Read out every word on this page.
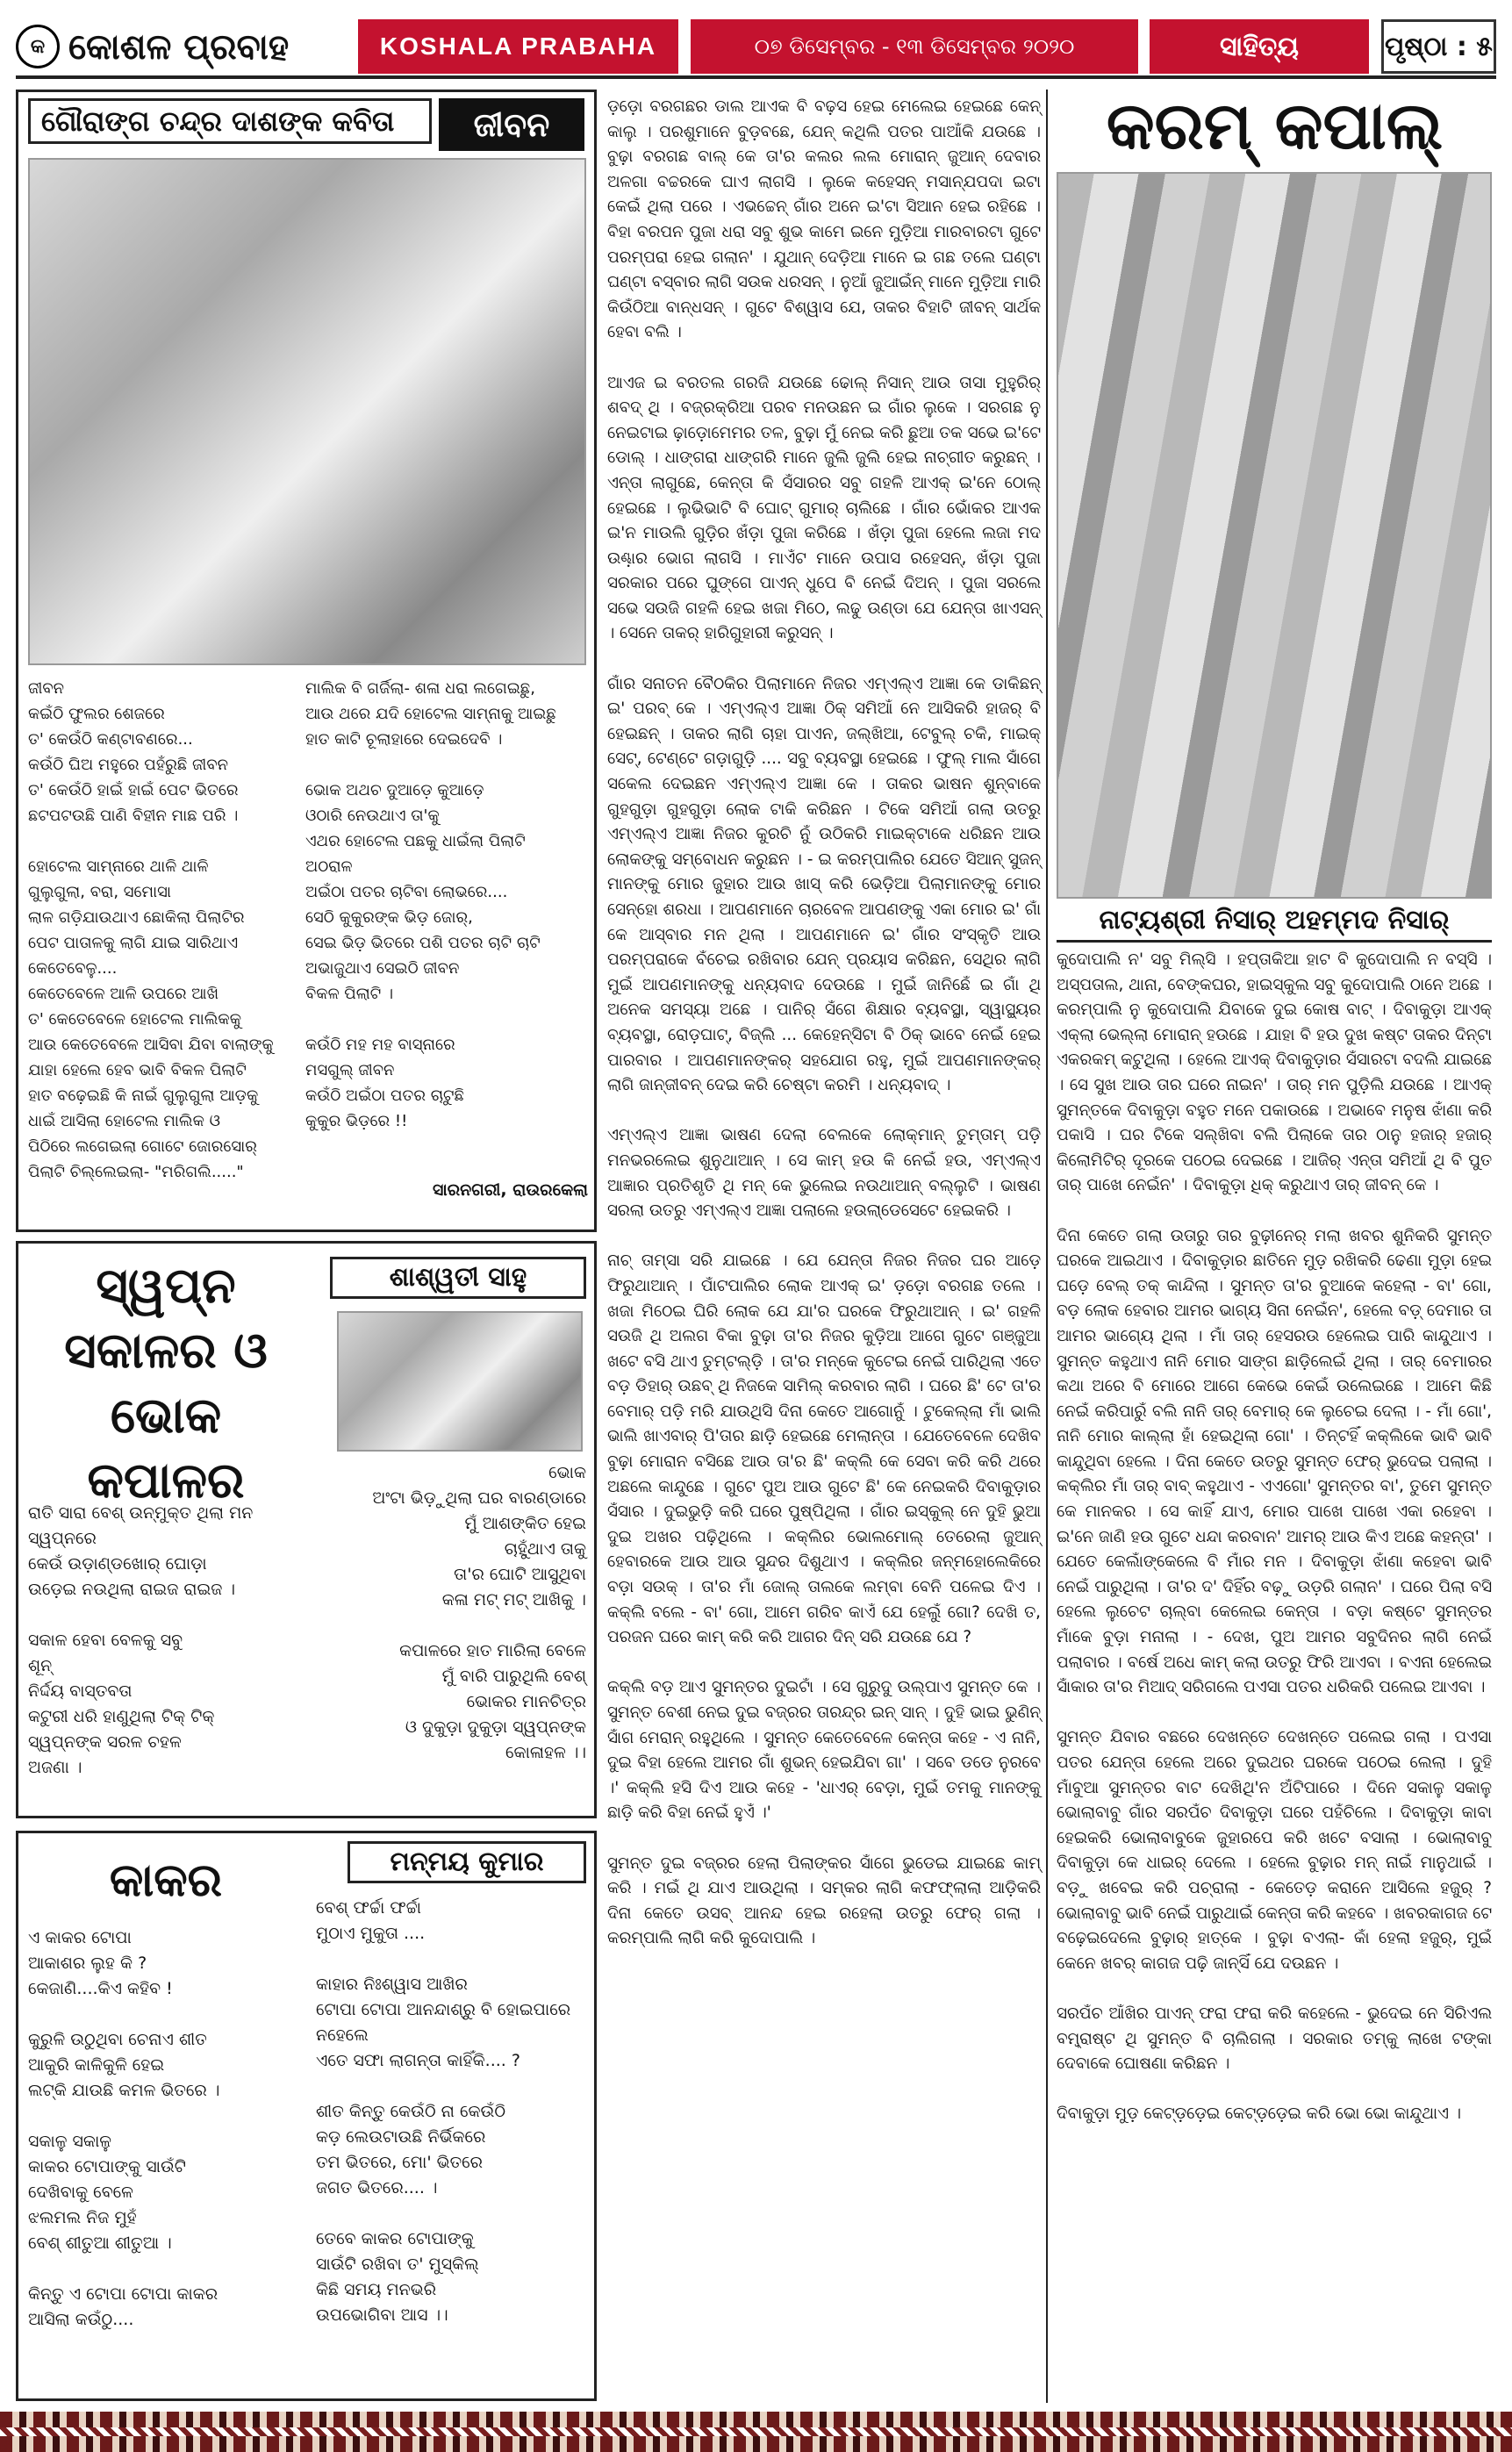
କ କୋଶଳ ପ୍ରବାହ	KOSHALA PRABAHA	୦୭ ଡିସେମ୍ବର - ୧୩ ଡିସେମ୍ବର ୨୦୨୦	ସାହିତ୍ୟ	ପୃଷ୍ଠା : ୫
ଗୌରାଙ୍ଗ ଚନ୍ଦ୍ର ଦାଶଙ୍କ କବିତା	ଜୀବନ
ଜୀବନ
କଇଁଠି ଫୁଲର ଶେଜରେ
ତ' କେଉଁଠି କଣ୍ଟାବଣରେ...
କଉଁଠି ଘିଅ ମହୁରେ ପହଁରୁଛି ଜୀବନ
ତ' କେଉଁଠି ହାଇଁ ହାଇଁ ପେଟ ଭିତରେ
ଛଟପଟଉଛି ପାଣି ବିହୀନ ମାଛ ପରି ।

ହୋଟେଲ ସାମ୍ନାରେ ଥାଳି ଥାଳି
ଗୁଲୁଗୁଲା, ବରା, ସମୋସା
ଲାଳ ଗଡ଼ିଯାଉଥାଏ ଛୋକିଲା ପିଲାଟିର
ପେଟ ପାତାଳକୁ ଲାଗି ଯାଇ ସାରିଥାଏ
କେତେବେଳୁ....
କେତେବେଳେ ଆଳି ଉପରେ ଆଖି
ତ' କେତେବେଳେ ହୋଟେଲ ମାଲିକକୁ
ଆଉ କେତେବେଳେ ଆସିବା ଯିବା ବାଲାଙ୍କୁ
ଯାହା ହେଲେ ହେବ ଭାବି ବିକଳ ପିଲାଟି
ହାତ ବଢ଼େଇଛି କି ନାଇଁ ଗୁଲୁଗୁଲା ଆଡ଼କୁ
ଧାଇଁ ଆସିଲା ହୋଟେଲ ମାଲିକ ଓ
ପିଠିରେ ଲଗେଇଲା ଗୋଟେ ଜୋରସୋର୍
ପିଲାଟି ଚିଲ୍ଲେଇଲା- "ମରିଗଲି....."
ମାଲିକ ବି ଗର୍ଜିଲା- ଶଳା ଧରା ଲଗେଇଛୁ,
ଆଉ ଥରେ ଯଦି ହୋଟେଲ ସାମ୍ନାକୁ ଆଇଛୁ
ହାତ କାଟି ଚୂଲାହାରେ ଦେଇଦେବି ।

ଭୋକ ଅଥଚ ଦୁଆଡ଼େ କୁଆଡ଼େ
ଓଠାରି ନେଉଥାଏ ତା'କୁ
ଏଥର ହୋଟେଲ ପଛକୁ ଧାଇଁଲା ପିଲାଟି
ଅଠରାଳ
ଅଇଁଠା ପତର ଚାଟିବା ଲୋଭରେ....
ସେଠି କୁକୁରଙ୍କ ଭିଡ଼ ଜୋର୍,
ସେଇ ଭିଡ଼ ଭିତରେ ପଶି ପତର ଚାଟି ଚାଟି
ଅଭାଜୁଥାଏ ସେଇଠି ଜୀବନ
ବିକଳ ପିଲାଟି ।

କଉଁଠି ମହ ମହ ବାସ୍ନାରେ
ମସଗୁଲ୍ ଜୀବନ
କଉଁଠି ଅଇଁଠା ପତର ଚାଟୁଛି
କୁକୁର ଭିଡ଼ରେ !!
ସାରନଗରୀ, ରାଉରକେଲା
ସ୍ୱପ୍ନ ସକାଳର ଓ ଭୋକ କପାଳର
ଶାଶ୍ୱତୀ ସାହୁ
ରାତି ସାରା ବେଶ୍ ଉନ୍ମୁକ୍ତ ଥିଲା ମନ
ସ୍ୱପ୍ନରେ
କେଉଁ ଉଡ଼ାଣ୍ଡଖୋର୍ ଘୋଡ଼ା
ଉଡ଼େଇ ନଉଥିଲା ରାଇଜ ରାଇଜ ।

ସକାଳ ହେବା ବେଳକୁ ସବୁ
ଶୂନ୍
ନିର୍ଦ୍ଦୟ ବାସ୍ତବତା
କଟୁରୀ ଧରି ହାଣୁଥିଲା ଟିକ୍ ଟିକ୍
ସ୍ୱପ୍ନଙ୍କ ସରଳ ଚହଳ
ଅଜଣା ।
ଭୋକ
ଅଂଟା ଭିଡ଼ୁଥିଲା ଘର ବାରଣ୍ଡାରେ
ମୁଁ ଆଶଙ୍କିତ ହେଇ
ଚାହୁଁଥାଏ ତାକୁ
ତା'ର ଘୋଟି ଆସୁଥିବା
କଳା ମଟ୍ ମଟ୍ ଆଖିକୁ ।

କପାଳରେ ହାତ ମାରିଲା ବେଳେ
ମୁଁ ବାରି ପାରୁଥିଲି ବେଶ୍
ଭୋକର ମାନଚିତ୍ର
ଓ ଦୁକୁଡ଼ା ଦୁକୁଡ଼ା ସ୍ୱପ୍ନଙ୍କ
କୋଳାହଳ ।।
କାକର	ମନ୍ମୟ କୁମାର
ଏ କାକର ଟୋପା
ଆକାଶର ଲୁହ କି ?
କେଜାଣି....କିଏ କହିବ !

କୁରୁଳି ଉଠୁଥିବା ଚେନାଏ ଶୀତ
ଆକୁରି କାଳିକୁଳି ହେଇ
ଲଟ୍କି ଯାଉଛି କମଳ ଭିତରେ ।

ସକାଳୁ ସକାଳୁ
କାକର ଟୋପାଙ୍କୁ ସାଉଁଟି
ଦେଖିବାକୁ ବେଳେ
ଝଲମଲ ନିଜ ମୁହଁ
ବେଶ୍ ଶୀତୁଆ ଶୀତୁଆ ।

କିନ୍ତୁ ଏ ଟୋପା ଟୋପା କାକର
ଆସିଲା କଉଁଠୁ....
ବେଶ୍ ଫର୍ଚ୍ଚା ଫର୍ଚ୍ଚା
ମୁଠାଏ ମୁକୁତା ....

କାହାର ନିଃଶ୍ୱାସ ଆଖିର
ଟୋପା ଟୋପା ଆନନ୍ଦାଶ୍ରୁ ବି ହୋଇପାରେ
ନହେଲେ
ଏତେ ସଫା ଲାଗନ୍ତା କାହିଁକି.... ?

ଶୀତ କିନ୍ତୁ କେଉଁଠି ନା କେଉଁଠି
କଡ଼ ଲେଉଟାଉଛି ନିର୍ଭିକରେ
ତମ ଭିତରେ, ମୋ' ଭିତରେ
ଜଗତ ଭିତରେ.... ।

ତେବେ କାକର ଟୋପାଙ୍କୁ
ସାଉଁଟି ରଖିବା ତ' ମୁସ୍କିଲ୍
କିଛି ସମୟ ମନଭରି
ଉପଭୋଗିବା ଆସ ।।
ଡ଼ଡ଼ୋ ବରଗଛର ଡାଲ ଆଏକ ବି ବଢ଼ସ ହେଇ ମେଲେଇ ହେଇଛେ କେନ୍ କାଲୁ । ପରଶୁମାନେ ବୁଡ଼ବଛେ, ଯେନ୍ କଥିଲି ପତର ପାଆଁକି ଯଉଛେ । ବୁଢ଼ା ବରଗଛ ବାଲ୍ କେ ତା'ର କଲର ଲଲ ମୋରାନ୍ ଜୁଆନ୍ ଦେବାର ଅଳଗା ବଚ୍ଚରକେ ଘାଏ ଲାଗସି । ଲୁକେ କହେସନ୍ ମସାନ୍ଯପଦା ଇଟା କେଇଁ ଥିଲା ପରେ । ଏଭଚ୍ଚେନ୍ ଗାଁର ଅନେ ଇ'ଟା ସିଆନ ହେଇ ରହିଛେ । ବିହା ବରପନ ପୁଜା ଧରା ସବୁ ଶୁଭ କାମେ ଇନେ ମୁଡ଼ିଆ ମାରବାରଟା ଗୁଟେ ପରମ୍ପରା ହେଇ ଗଲାନ' । ଯୁଥାନ୍ ଦେଡ଼ିଆ ମାନେ ଇ ଗଛ ତଲେ ଘଣ୍ଟା ଘଣ୍ଟା ବସ୍ବାର ଲାଗି ସଉକ ଧରସନ୍ । ନୁଆଁ ଜୁଆଇଁନ୍ ମାନେ ମୁଡ଼ିଆ ମାରି କିଉଁଠିଆ ବାନ୍ଧସନ୍ । ଗୁଟେ ବିଶ୍ୱାସ ଯେ, ତାକର ବିହାଟି ଜୀବନ୍ ସାର୍ଥକ ହେବା ବଲି ।

ଆଏଜ ଇ ବରତଲ ଗରଜି ଯଉଛେ ଢୋଲ୍ ନିସାନ୍ ଆଉ ତାସା ମୁହୁରିର୍ ଶବଦ୍ ଥି । ବଜ୍ରକ୍ରିଆ ପରବ ମନଉଛନ ଇ ଗାଁର ଲୁକେ । ସରଗଛ ନୁ ନେଇଟାଇ ଢ଼ାଡ଼ୋମେମର ତଳ, ବୁଢ଼ା ମୁଁ ନେଇ କରି ଛୁଆ ତକ ସଭେ ଇ'ଟେ ଡୋଲ୍ । ଧାଙ୍ଗରା ଧାଙ୍ଗରି ମାନେ ଜୁଲି ଜୁଲି ହେଇ ନାଚ୍ଗୀତ କରୁଛନ୍ । ଏନ୍ତା ଲାଗୁଛେ, କେନ୍ତା କି ସଁସାରର ସବୁ ଗହଳି ଆଏକ୍ ଇ'ନେ ଠୋଲ୍ ହେଇଛେ । ଲୁଭିଭାଟି ବି ଘୋଟ୍ ଗୁମାର୍ ଚାଲିଛେ । ଗାଁର ଭୋଁକର ଆଏକ ଇ'ନ ମାଉଲି ଗୁଡ଼ିର ଖଁଡ଼ା ପୁଜା କରିଛେ । ଖଁଡ଼ା ପୁଜା ହେଲେ ଲଜା ମଦ ଉଣ୍ଢ଼ାର ଭୋଗ ଲାଗସି । ମାଏଁଟ ମାନେ ଉପାସ ରହେସନ୍, ଖଁଡ଼ା ପୁଜା ସରକାର ପରେ ଘୁଙ୍ଗେ ପାଏନ୍ ଧୁପେ ବି ନେଇଁ ଦିଅନ୍ । ପୁଜା ସରଲେ ସଭେ ସଉଜି ଗହଳି ହେଇ ଖଜା ମିଠେ, ଲଢୁ ଉଣ୍ଡା ଯେ ଯେନ୍ତା ଖାଏସନ୍ । ସେନେ ତାକର୍ ହାରିଗୁହାରୀ କରୁସନ୍ ।

ଗାଁର ସନାତନ ବୈଠକିର ପିଲାମାନେ ନିଜର ଏମ୍ଏଲ୍ଏ ଆଜ୍ଞା କେ ଡାକିଛନ୍ ଇ' ପରବ୍ କେ । ଏମ୍ଏଲ୍ଏ ଆଜ୍ଞା ଠିକ୍ ସମିଆଁ ନେ ଆସିକରି ହାଜର୍ ବି ହେଇଛନ୍ । ତାକର ଲାଗି ଚାହା ପାଏନ, ଜଲ୍ଖିଆ, ଟେବୁଲ୍ ଚକି, ମାଇକ୍ ସେଟ୍, ଟେଣ୍ଟେ ଗଡ଼ାଗୁଡ଼ି .... ସବୁ ବ୍ୟବସ୍ଥା ହେଇଛେ । ଫୁଲ୍ ମାଲ ସାଁଗେ ସକେଲ ଦେଇଛନ ଏମ୍ଏଲ୍ଏ ଆଜ୍ଞା କେ । ତାକର ଭାଷନ ଶୁନ୍ବାକେ ଗୁହଗୁଡ଼ା ଗୁହଗୁଡ଼ା ଲୋକ ଟାକି କରିଛନ । ଟିକେ ସମିଆଁ ଗଲା ଉତରୁ ଏମ୍ଏଲ୍ଏ ଆଜ୍ଞା ନିଜର କୁରଚି ନୁଁ ଉଠିକରି ମାଇକ୍ଟାକେ ଧରିଛନ ଆଉ ଲୋକଙ୍କୁ ସମ୍ବୋଧନ କରୁଛନ । - ଇ କରମ୍ପାଲିର ଯେତେ ସିଆନ୍ ସୁଜନ୍ ମାନଙ୍କୁ ମୋର ଜୁହାର ଆଉ ଖାସ୍ କରି ଭେଡ଼ିଆ ପିଲାମାନଙ୍କୁ ମୋର ସେନ୍ହୋ ଶରଧା । ଆପଣମାନେ ଚାରବେଳ ଆପଣଙ୍କୁ ଏକା ମୋର ଇ' ଗାଁ କେ ଆସ୍ବାର ମନ ଥିଲା । ଆପଣମାନେ ଇ' ଗାଁର ସଂସ୍କୃତି ଆଉ ପରମ୍ପରାକେ ବଁଚେଇ ରଖିବାର ଯେନ୍ ପ୍ରୟାସ କରିଛନ, ସେଥିର ଲାଗି ମୁଇଁ ଆପଣମାନଙ୍କୁ ଧନ୍ୟବାଦ ଦେଉଛେ । ମୁଇଁ ଜାନିଛେଁ ଇ ଗାଁ ଥି ଅନେକ ସମସ୍ୟା ଅଛେ । ପାନିର୍ ସଁଗେ ଶିକ୍ଷାର ବ୍ୟବସ୍ଥା, ସ୍ୱାସ୍ଥ୍ୟର ବ୍ୟବସ୍ଥା, ରୋଡ଼ଘାଟ୍, ବିଜ୍ଲି ... କେହେନ୍ସିଟା ବି ଠିକ୍ ଭାବେ ନେଇଁ ହେଇ ପାରବାର । ଆପଣମାନଙ୍କର୍ ସହଯୋଗ ରହୁ, ମୁଇଁ ଆପଣମାନଙ୍କର୍ ଲାଗି ଜାନ୍ଜୀବନ୍ ଦେଇ କରି ଚେଷ୍ଟା କରମି । ଧନ୍ୟବାଦ୍ ।

ଏମ୍ଏଲ୍ଏ ଆଜ୍ଞା ଭାଷଣ ଦେଲା ବେଲକେ ଲୋକ୍ମାନ୍ ତୁମ୍ତାମ୍ ପଡ଼ି ମନଭରଲେଇ ଶୁନୁଥାଆନ୍ । ସେ କାମ୍ ହଉ କି ନେଇଁ ହଉ, ଏମ୍ଏଲ୍ଏ ଆଜ୍ଞାର ପ୍ରତିଶୃତି ଥି ମନ୍ କେ ଭୁଲେଇ ନଉଥାଆନ୍ ବଲ୍ଲୁଟି । ଭାଷଣ ସରଲା ଉତରୁ ଏମ୍ଏଲ୍ଏ ଆଜ୍ଞା ପଲାଲେ ହଉଲା୍‍ଡେସେଟେ ହେଇକରି ।

ନାଚ୍ ତାମ୍ସା ସରି ଯାଇଛେ । ଯେ ଯେନ୍ତା ନିଜର ନିଜର ଘର ଆଡ଼େ ଫିରୁଥାଆନ୍ । ପାଁଟପାଲିର ଲୋକ ଆଏକ୍ ଇ' ଡ଼ଡ଼ୋ ବରଗଛ ତଲେ । ଖଜା ମିଠେଇ ଘିରି ଲୋକ ଯେ ଯା'ର ଘରକେ ଫିରୁଥାଆନ୍ । ଇ' ଗହଳି ସଉଜି ଥି ଅଲଗ ବିକା ବୁଢ଼ା ତା'ର ନିଜର କୁଡ଼ିଆ ଆଗେ ଗୁଟେ ଗଞ୍ଜୁଆ ଖଟେ ବସି ଥାଏ ତୁମ୍ଟଲ୍ଡ଼ି । ତା'ର ମନ୍କେ କୁଟେଇ ନେଇଁ ପାରିଥିଲା ଏତେ ବଡ଼ ଡିହାର୍ ଉଛବ୍ ଥି ନିଜକେ ସାମିଲ୍ କରବାର ଲାଗି । ଘରେ ଛି' ଟେ ତା'ର ବେମାର୍ ପଡ଼ି ମରି ଯାଉଥିସି ଦିନା କେତେ ଆଗୋନୁଁ । ଟୁକେଲ୍ଲା ମାଁ ଭାଲି ଭାଲି ଖାଏବାର୍ ପି'ତାର ଛାଡ଼ି ହେଇଛେ ମେଲାନ୍ତା । ଯେତେବେଳେ ଦେଖିବ ବୁଢ଼ା ମୋରାନ ବସିଛେ ଆଉ ତା'ର ଛି' କକ୍ଲି କେ ସେବା କରି କରି ଥରେ ଅଛଲେ କାନ୍ଦୁଛେ । ଗୁଟେ ପୁଅ ଆଉ ଗୁଟେ ଛି' କେ ନେଇକରି ଦିବାକୁଡ଼ାର ସଁସାର । ଦୁଇଭୁଡ଼ି କରି ଘରେ ପୁଷ୍ପିଥିଲା । ଗାଁର ଇସ୍କୁଲ୍ ନେ ଦୁହି ଭୁଆ ଦୁଇ ଅଖର ପଢ଼ିଥିଲେ । କକ୍ଲିର ଭୋଲମୋଲ୍ ତେରେଲା ଜୁଆନ୍ ହେବାରକେ ଆଉ ଆଉ ସୁନ୍ଦର ଦିଶୁଥାଏ । କକ୍ଲିର ଜନ୍ମହୋଲେକିରେ ବଡ଼ା ସଉକ୍ । ତା'ର ମାଁ ଜୋଲ୍ ତାଲକେ ଲମ୍ବା ବେନି ପଳେଇ ଦିଏ । କକ୍ଲି ବଲେ - ବା' ଗୋ, ଆମେ ଗରିବ କାଏଁ ଯେ ହେଲୁଁ ଗୋ? ଦେଖି ତ, ପରଜନ ଘରେ କାମ୍ କରି କରି ଆଗର ଦିନ୍ ସରି ଯଉଛେ ଯେ ?

କକ୍ଲି ବଡ଼ ଆଏ ସୁମନ୍ତର ଦୁଇଟାଁ । ସେ ଗୁରୁଦୁ ଉଲ୍ପାଏ ସୁମନ୍ତ କେ । ସୁମନ୍ତ ବେଶୀ ନେଇ ଦୁଇ ବଜ୍ରର ତାରନ୍ଦ୍ର ଇନ୍ ସାନ୍ । ଦୁହି ଭାଇ ଭୁଣିନ୍ ସାଁଗ ମେରାନ୍ ରହୁଥିଲେ । ସୁମନ୍ତ କେତେବେଳେ କେନ୍ତା କହେ - ଏ ନାନି, ଦୁଇ ବିହା ହେଲେ ଆମର ଗାଁ ଶୁଭନ୍ ହେଇଯିବା ଗା' । ସବେ ଡଡେ ନୁରବେ ।' କକ୍ଲି ହସି ଦିଏ ଆଉ କହେ - 'ଧାଏର୍ ବେଡ଼ା, ମୁଇଁ ତମକୁ ମାନଙ୍କୁ ଛାଡ଼ି କରି ବିହା ନେଇଁ ହୁଏଁ ।'

ସୁମନ୍ତ ଦୁଇ ବଜ୍ରର ହେଲା ପିଲାଙ୍କର ସାଁଗେ ଭୁଡେଇ ଯାଇଛେ କାମ୍ କରି । ମଇଁ ଥି ଯାଏ ଆଉଥିଲା । ସମ୍କର ଲାଗି କଫଫ୍ଲାଲା ଆଡ଼ିକରି ଦିନା କେତେ ଉସବ୍ ଆନନ୍ଦ ହେଇ ରହେଲା ଉତରୁ ଫେର୍ ଗଲା । କରମ୍ପାଲି ଲାଗି କରି କୁଦୋପାଲି ।
କରମ୍ କପାଲ୍
ନାଟ୍ୟଶ୍ରୀ ନିସାର୍ ଅହମ୍ମଦ ନିସାର୍
କୁଦୋପାଲି ନ' ସବୁ ମିଲ୍ସି । ହପ୍ତାକିଆ ହାଟ ବି କୁଦୋପାଲି ନ ବସ୍ସି । ଅସ୍ପତାଲ, ଥାନା, ବେଙ୍କଘର, ହାଇସ୍କୁଲ ସବୁ କୁଦୋପାଲି ଠାନେ ଅଛେ । କରମ୍ପାଲି ନୁ କୁଦୋପାଲି ଯିବାକେ ଦୁଇ କୋଷ ବାଟ୍ । ଦିବାକୁଡ଼ା ଆଏକ୍ ଏକ୍ଲା ଭେଲ୍ଲା ମୋରାନ୍ ହଉଛେ । ଯାହା ବି ହଉ ଦୁଖ କଷ୍ଟ ତାକର ଦିନ୍ଟା ଏକରକମ୍ କଟୁଥିଲା । ହେଲେ ଆଏକ୍ ଦିବାକୁଡ଼ାର ସଁସାରଟା ବଦଲି ଯାଇଛେ । ସେ ସୁଖ ଆଉ ତାର ଘରେ ନାଇନ' । ତାର୍ ମନ ପୁଡ଼ିଲି ଯଉଛେ । ଆଏକ୍ ସୁମନ୍ତକେ ଦିବାକୁଡ଼ା ବହୁତ ମନେ ପକାଉଛେ । ଅଭାବେ ମନୁଷ ଝାଁଣା କରି ପକାସି । ଘର ଟିକେ ସଲ୍ଖିବା ବଲି ପିଲାକେ ତାର ଠାନୁ ହଜାର୍ ହଜାର୍ କିଲୋମିଟିର୍ ଦୂରକେ ପଠେଇ ଦେଇଛେ । ଆଜିର୍ ଏନ୍ତା ସମିଆଁ ଥି ବି ପୁତ ତାର୍ ପାଖେ ନେଇଁନ' । ଦିବାକୁଡ଼ା ଧିକ୍ କରୁଥାଏ ତାର୍ ଜୀବନ୍ କେ ।

ଦିନା କେତେ ଗଲା ଉତାରୁ ତାର ବୁଢ଼ୀନେର୍ ମଲା ଖବର ଶୁନିକରି ସୁମନ୍ତ ଘରକେ ଆଇଥାଏ । ଦିବାକୁଡ଼ାର ଛାତିନେ ମୁଡ଼ ରଖିକରି ଢେଣା ମୁଡ଼ା ହେଇ ଘଡ଼େ ବେଲ୍ ତକ୍ କାନ୍ଦିଲା । ସୁମନ୍ତ ତା'ର ବୁଆକେ କହେଲା - ବା' ଗୋ, ବଡ଼ ଲୋକ ହେବାର ଆମର ଭାଗ୍ୟ ସିନା ନେଇଁନ', ହେଲେ ବଡ଼୍ ଦେମାର ତା ଆମର ଭାଗ୍ୟେ ଥିଲା । ମାଁ ତାର୍ ହେସରଉ ହେଲେଇ ପାରି କାନ୍ଦୁଥାଏ । ସୁମନ୍ତ କହୁଥାଏ ନାନି ମୋର ସାଙ୍ଗ ଛାଡ଼ିଲେଇଁ ଥିଲା । ତାର୍ ବେମାରର କଥା ଅରେ ବି ମୋରେ ଆଗେ କେଭେ କେଇଁ ଉଲେଇଛେ । ଆମେ କିଛି ନେଇଁ କରିପାରୁଁ ବଲି ନାନି ତାର୍ ବେମାର୍ କେ ଲୁଚେଇ ଦେଲା । - ମାଁ ଗୋ', ନାନି ମୋର କାଲ୍ଲା ହାଁ ହେଇଥିଲା ଗୋ' । ତିନ୍ଟହିଁ କକ୍ଲିକେ ଭାବି ଭାବି କାନ୍ଦୁଥିବା ହେଲେ । ଦିନା କେତେ ଉତରୁ ସୁମନ୍ତ ଫେର୍ ଭୁଦେଇ ପଲାଲା । କକ୍ଲିର ମାଁ ତାର୍ ବାବ୍ କହୁଥାଏ - ଏଏଗୋ' ସୁମନ୍ତର ବା', ତୁମେ ସୁମନ୍ତ କେ ମାନକର । ସେ କାହିଁ ଯାଏ, ମୋର ପାଖେ ପାଖେ ଏକା ରହେବା । ଇ'ନେ ଜାଣି ହଉ ଗୁଟେ ଧନ୍ଦା କରବାନ' ଆମର୍ ଆଉ କିଏ ଅଛେ କହନ୍ତା' । ଯେତେ କେଲାଁଙ୍କେଲେ ବି ମାଁର ମନ । ଦିବାକୁଡ଼ା ଝାଁଣା କହେବା ଭାବି ନେଇଁ ପାରୁଥିଲା । ତା'ର ଦ' ଦିହିଁର ବଢ଼ୁ ଉଡ଼ରି ଗଲାନ' । ଘରେ ପିଲା ବସି ହେଲେ ଲୁଚେଟ ଚାଲ୍ବା କେଲେଇ କେନ୍ତା । ବଡ଼ା କଷ୍ଟେ ସୁମନ୍ତର ମାଁକେ ବୁଡ଼ା ମନାଲା । - ଦେଖ, ପୁଅ ଆମର ସବୁଦିନର ଲାଗି ନେଇଁ ପଲାବାର । ବର୍ଷେ ଅଧେ କାମ୍ କଲା ଉତରୁ ଫିରି ଆଏବା । ବଏନା ହେଲେଇ ସାଁକାର ତା'ର ମିଆଦ୍ ସରିଗଲେ ପଏସା ପତର ଧରିକରି ପଲେଇ ଆଏବା ।

ସୁମନ୍ତ ଯିବାର ବଛରେ ଦେଖନ୍ତେ ଦେଖନ୍ତେ ପଲେଇ ଗଲା । ପଏସା ପତର ଯେନ୍ତା ହେଲେ ଅରେ ଦୁଇଥର ଘରକେ ପଠେଇ ଲେଲା । ଦୁହି ମାଁବୁଆ ସୁମନ୍ତର ବାଟ ଦେଖିଥି'ନ ଅଁଟିପାରେ । ଦିନେ ସକାଳୁ ସକାଳୁ ଭୋଲାବାବୁ ଗାଁର ସରପଁଚ ଦିବାକୁଡ଼ା ଘରେ ପହଁଚିଲେ । ଦିବାକୁଡ଼ା କାବା ହେଇକରି ଭୋଲାବାବୁକେ ଜୁହାରପେ କରି ଖଟେ ବସାଲା । ଭୋଲାବାବୁ ଦିବାକୁଡ଼ା କେ ଧାଇର୍ ଦେଲେ । ହେଲେ ବୁଢ଼ାର ମନ୍ ନାଇଁ ମାନୁଥାଇଁ । ବଡ଼ୁ ଖବେଇ କରି ପଚ୍ରାଲା - କେତେଡ଼ କରାନେ ଆସିଲେ ହଜୁର୍ ? ଭୋଲାବାବୁ ଭାବି ନେଇଁ ପାରୁଥାଇଁ କେନ୍ତା କରି କହବେ । ଖବରକାଗଜ ଟେ ବଢ଼େଇଦେଲେ ବୁଢ଼ାର୍ ହାତ୍କେ । ବୁଢ଼ା ବଏଲା- କାଁ ହେଲା ହଜୁର୍, ମୁଇଁ କେନେ ଖବର୍ କାଗଜ ପଢ଼ି ଜାନ୍ସିଁ ଯେ ଦଉଛନ ।

ସରପଁଚ ଆଁଖିର ପାଏନ୍ ଫରା ଫରା କରି କହେଲେ - ଭୁଦେଇ ନେ ସିରିଏଲ ବମ୍ବ୍ରାଷ୍ଟ ଥି ସୁମନ୍ତ ବି ଚାଲିଗଲା । ସରକାର ତମ୍କୁ ଲାଖେ ଟଙ୍କା ଦେବାକେ ଘୋଷଣା କରିଛନ ।

ଦିବାକୁଡ଼ା ମୁଡ଼ କେଟ୍ଡ଼ଡ଼େଇ କେଟ୍ଡ଼ଡ଼େଇ କରି ଭୋ ଭୋ କାନ୍ଦୁଥାଏ ।
